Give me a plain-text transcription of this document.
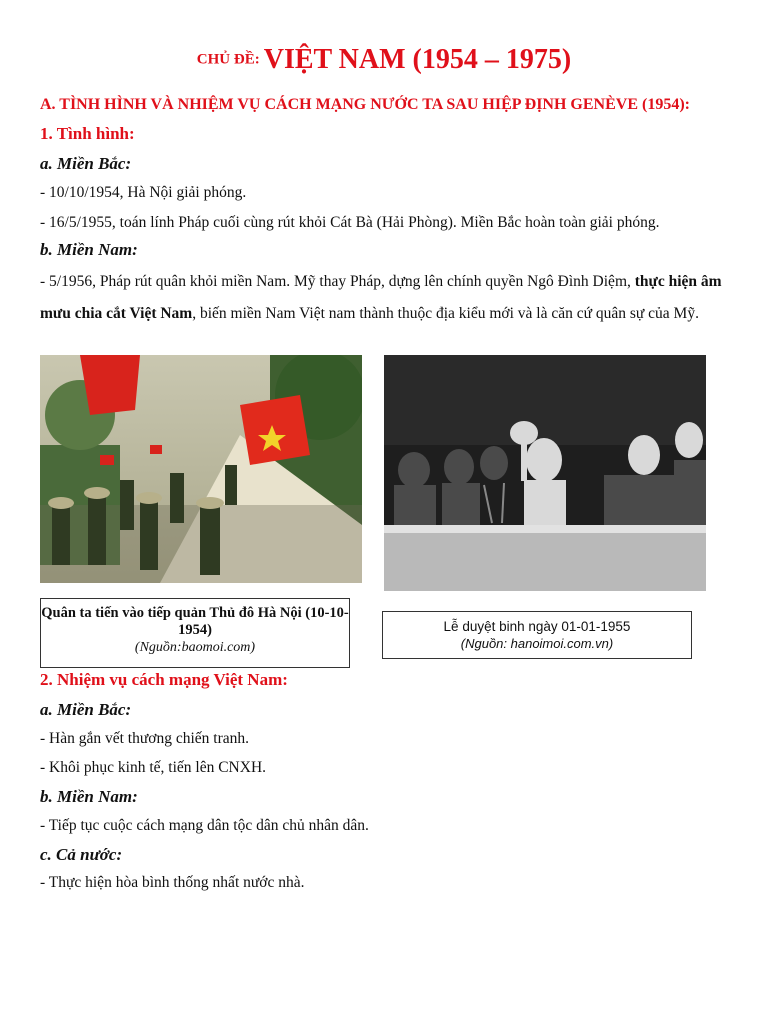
CHỦ ĐỀ: VIỆT NAM (1954 – 1975)
A. TÌNH HÌNH VÀ NHIỆM VỤ CÁCH MẠNG NƯỚC TA SAU HIỆP ĐỊNH GENÈVE (1954):
1. Tình hình:
a. Miền Bắc:
- 10/10/1954, Hà Nội giải phóng.
- 16/5/1955, toán lính Pháp cuối cùng rút khỏi Cát Bà (Hải Phòng). Miền Bắc hoàn toàn giải phóng.
b. Miền Nam:
- 5/1956, Pháp rút quân khỏi miền Nam. Mỹ thay Pháp, dựng lên chính quyền Ngô Đình Diệm, thực hiện âm mưu chia cắt Việt Nam, biến miền Nam Việt nam thành thuộc địa kiểu mới và là căn cứ quân sự của Mỹ.
Quân ta tiến vào tiếp quản Thủ đô Hà Nội (10-10-1954)
(Nguồn:baomoi.com)
Lễ duyệt binh ngày 01-01-1955
(Nguồn: hanoimoi.com.vn)
2. Nhiệm vụ cách mạng Việt Nam:
a. Miền Bắc:
- Hàn gắn vết thương chiến tranh.
- Khôi phục kinh tế, tiến lên CNXH.
b. Miền Nam:
- Tiếp tục cuộc cách mạng dân tộc dân chủ nhân dân.
c. Cả nước:
- Thực hiện hòa bình thống nhất nước nhà.
